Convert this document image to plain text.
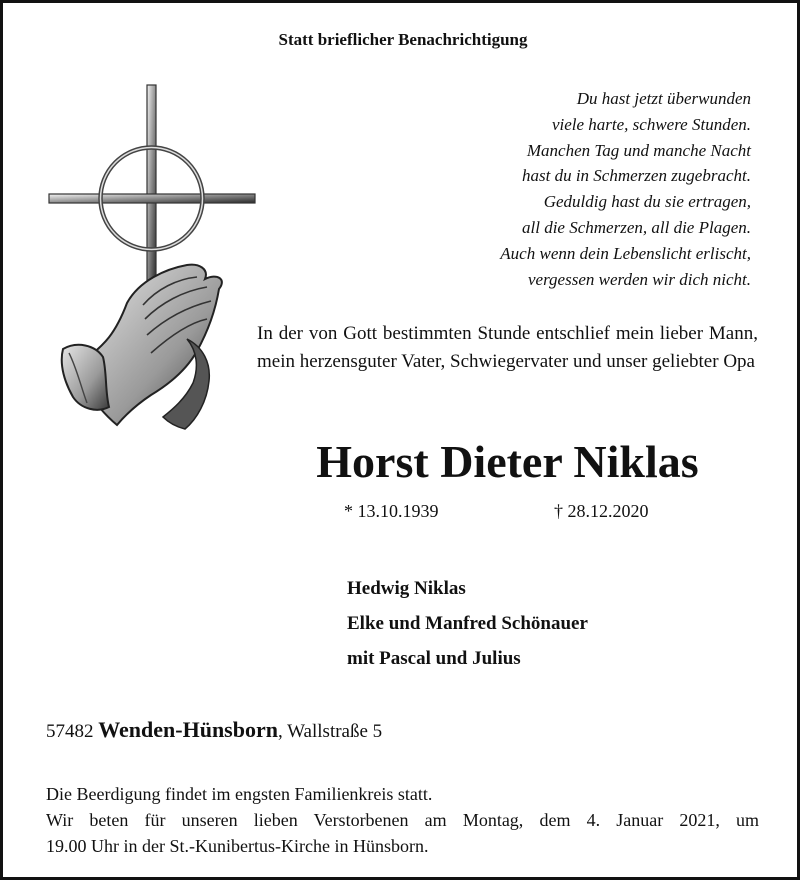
Statt brieflicher Benachrichtigung
Du hast jetzt überwunden
viele harte, schwere Stunden.
Manchen Tag und manche Nacht
hast du in Schmerzen zugebracht.
Geduldig hast du sie ertragen,
all die Schmerzen, all die Plagen.
Auch wenn dein Lebenslicht erlischt,
vergessen werden wir dich nicht.
In der von Gott bestimmten Stunde entschlief mein lieber Mann, mein herzensguter Vater, Schwiegervater und unser geliebter Opa
Horst Dieter Niklas
* 13.10.1939	† 28.12.2020
Hedwig Niklas
Elke und Manfred Schönauer
mit Pascal und Julius
57482 Wenden-Hünsborn, Wallstraße 5
Die Beerdigung findet im engsten Familienkreis statt.
Wir beten für unseren lieben Verstorbenen am Montag, dem 4. Januar 2021, um
19.00 Uhr in der St.-Kunibertus-Kirche in Hünsborn.
